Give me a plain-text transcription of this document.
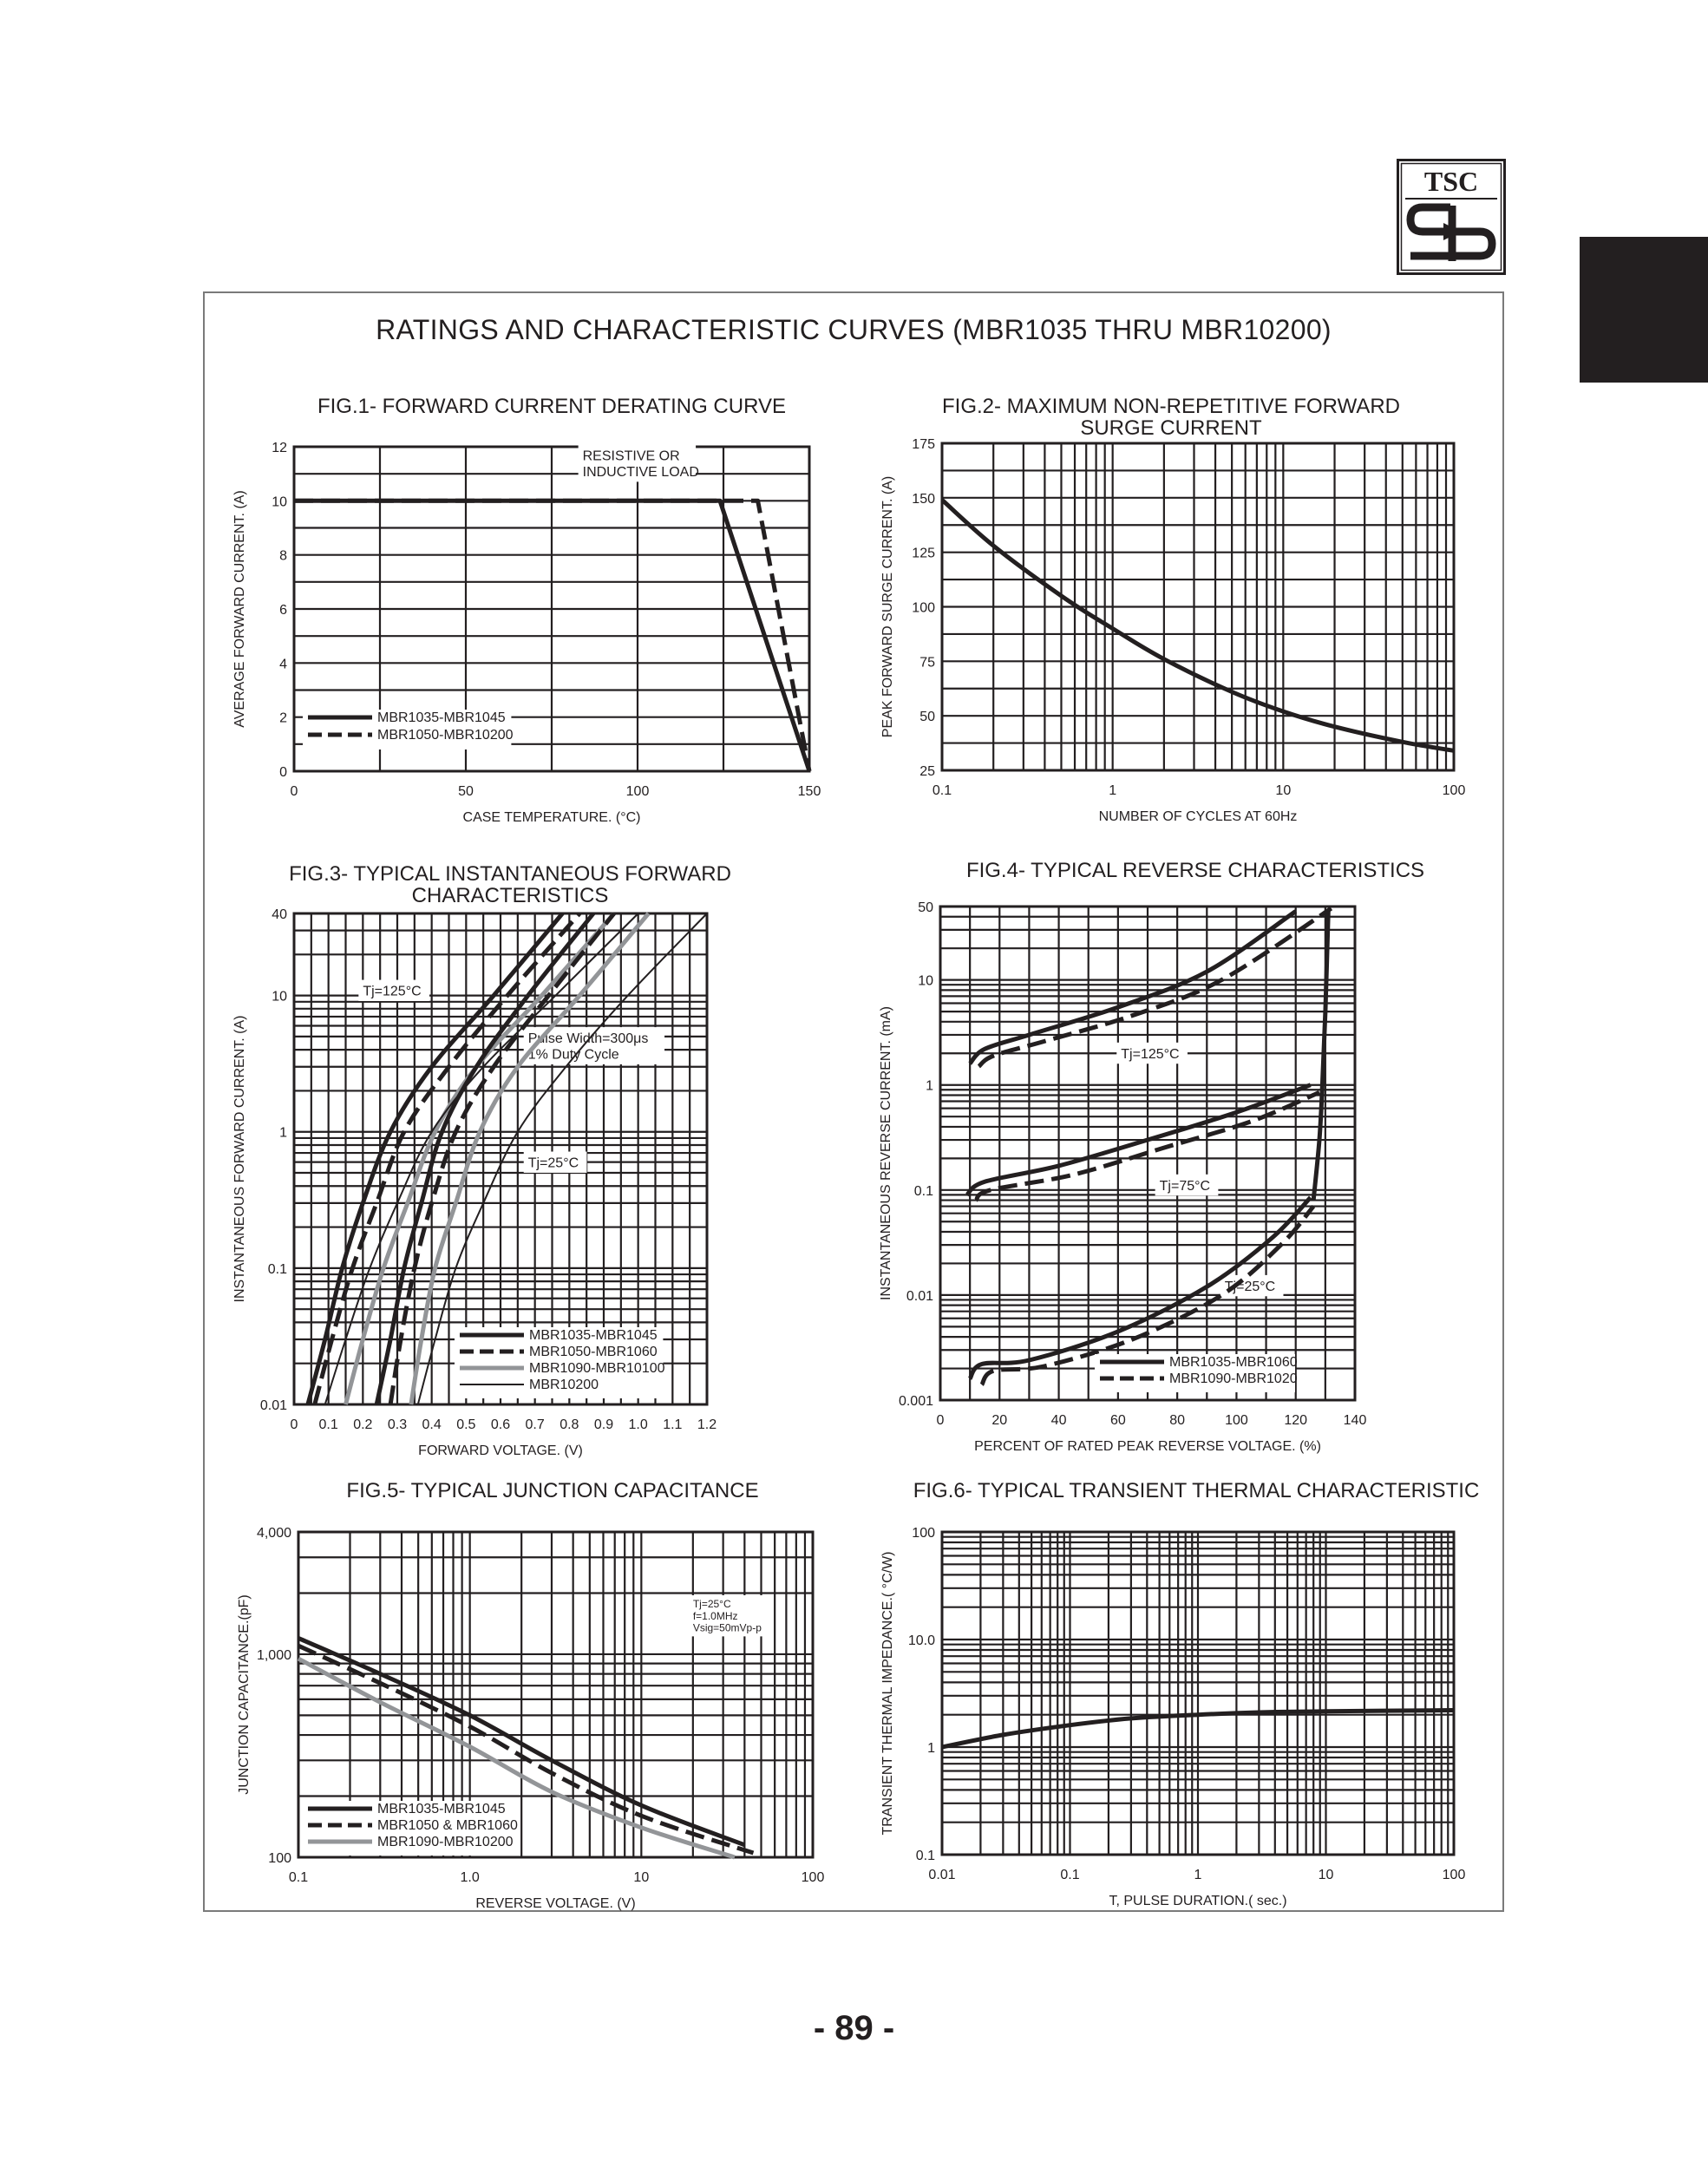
TSC
RATINGS AND CHARACTERISTIC CURVES (MBR1035 THRU MBR10200)
RESISTIVE OR
INDUCTIVE LOAD
MBR1035-MBR1045
MBR1050-MBR10200
0	50	100	150
0
2
4
6
8
10
12
CASE TEMPERATURE. (°C)
AVERAGE FORWARD CURRENT. (A)
FIG.1- FORWARD CURRENT DERATING CURVE
0.1	1	10	100
25
50
75
100
125
150
175
NUMBER OF CYCLES AT 60Hz
PEAK FORWARD SURGE CURRENT. (A)
FIG.2- MAXIMUM NON-REPETITIVE FORWARD
SURGE CURRENT
Tj=125°C
Pulse Width=300μs
1% Duty Cycle
Tj=25°C
MBR1035-MBR1045
MBR1050-MBR1060
MBR1090-MBR10100
MBR10200
0 0.1 0.2 0.3 0.4 0.5 0.6 0.7 0.8 0.9 1.0 1.1 1.2
0.01
0.1
1
10
40
FORWARD VOLTAGE. (V)
INSTANTANEOUS FORWARD CURRENT. (A)
FIG.3- TYPICAL INSTANTANEOUS FORWARD
CHARACTERISTICS
Tj=125°C
Tj=75°C
Tj=25°C
MBR1035-MBR1060
MBR1090-MBR1020
0	20	40	60	80	100	120	140
0.001
0.01
0.1
1
10
50
PERCENT OF RATED PEAK REVERSE VOLTAGE. (%)
INSTANTANEOUS REVERSE CURRENT. (mA)
FIG.4- TYPICAL REVERSE CHARACTERISTICS
Tj=25°C
f=1.0MHz
Vsig=50mVp-p
MBR1035-MBR1045
MBR1050 & MBR1060
MBR1090-MBR10200
0.1	1.0	10	100
100
1,000
4,000
REVERSE VOLTAGE. (V)
JUNCTION CAPACITANCE.(pF)
FIG.5- TYPICAL JUNCTION CAPACITANCE
0.01	0.1	1	10	100
0.1
1
10.0
100
T, PULSE DURATION.( sec.)
TRANSIENT THERMAL IMPEDANCE.( °C/W)
FIG.6- TYPICAL TRANSIENT THERMAL CHARACTERISTIC
- 89 -
